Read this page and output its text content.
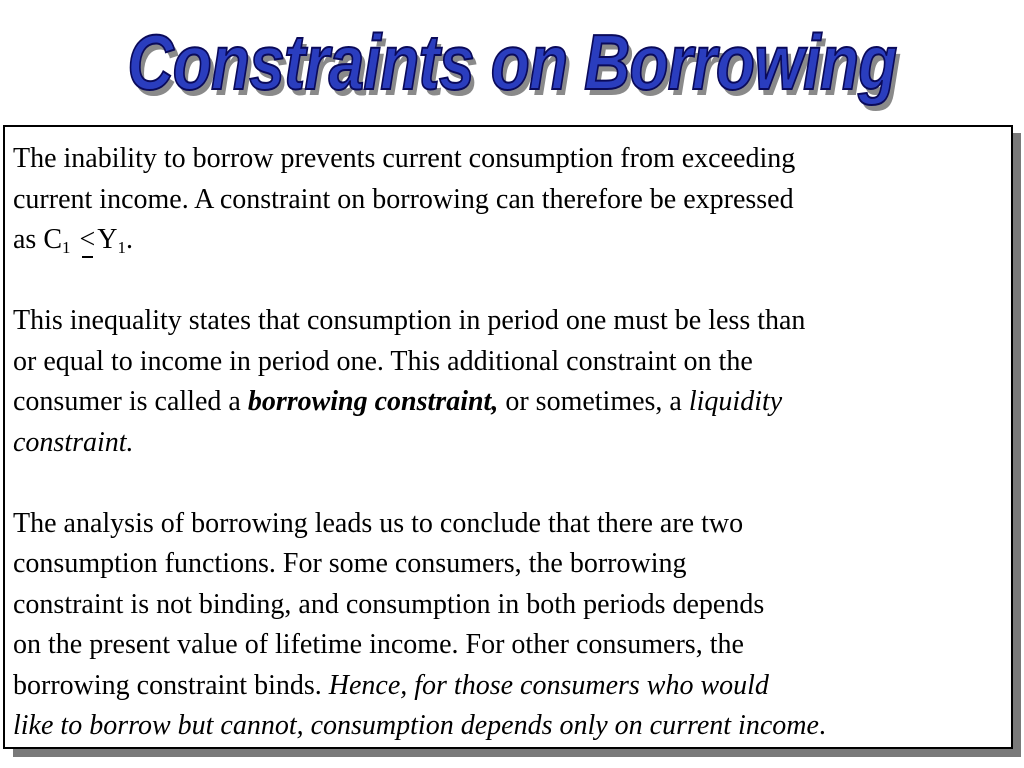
Constraints on Borrowing

The inability to borrow prevents current consumption from exceeding
current income. A constraint on borrowing can therefore be expressed
as $C_1 <Y_1$.

This inequality states that consumption in period one must be less than
or equal to income in period one. This additional constraint on the
consumer is called a borrowing constraint, or sometimes, a liquidity
constraint.

The analysis of borrowing leads us to conclude that there are two
consumption functions. For some consumers, the borrowing
constraint is not binding, and consumption in both periods depends
on the present value of lifetime income. For other consumers, the
borrowing constraint binds. Hence, for those consumers who would
like to borrow but cannot, consumption depends only on current income.
